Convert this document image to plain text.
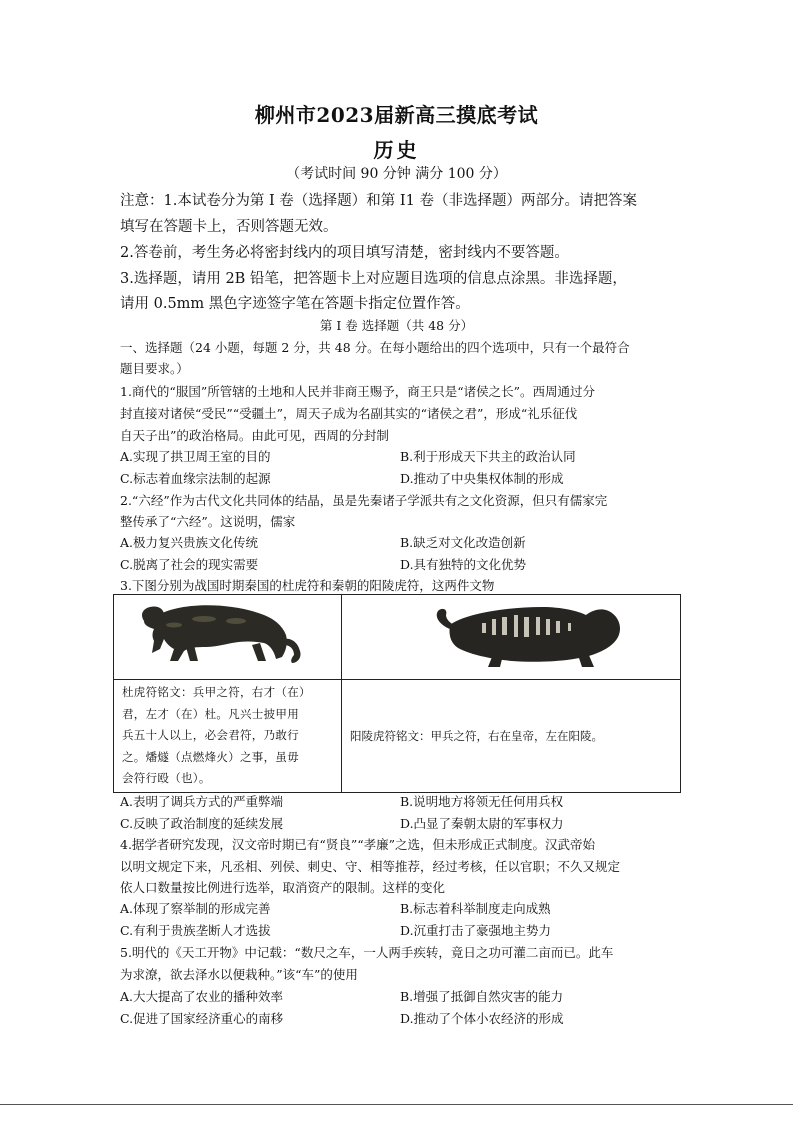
柳州市2023届新高三摸底考试
历史
（考试时间 90 分钟 满分 100 分）
注意：1.本试卷分为第 I 卷（选择题）和第 I1 卷（非选择题）两部分。请把答案
填写在答题卡上，否则答题无效。
2.答卷前，考生务必将密封线内的项目填写清楚，密封线内不要答题。
3.选择题，请用 2B 铅笔，把答题卡上对应题目选项的信息点涂黑。非选择题，
请用 0.5mm 黑色字迹签字笔在答题卡指定位置作答。
第 I 卷 选择题（共 48 分）
一、选择题（24 小题，每题 2 分，共 48 分。在每小题给出的四个选项中，只有一个最符合
题目要求。）
1.商代的“服国”所管辖的土地和人民并非商王赐予，商王只是“诸侯之长”。西周通过分
封直接对诸侯“受民”“受疆土”，周天子成为名副其实的“诸侯之君”，形成“礼乐征伐
自天子出”的政治格局。由此可见，西周的分封制
A.实现了拱卫周王室的目的	B.利于形成天下共主的政治认同
C.标志着血缘宗法制的起源	D.推动了中央集权体制的形成
2.“六经”作为古代文化共同体的结晶，虽是先秦诸子学派共有之文化资源，但只有儒家完
整传承了“六经”。这说明，儒家
A.极力复兴贵族文化传统	B.缺乏对文化改造创新
C.脱离了社会的现实需要	D.具有独特的文化优势
3.下图分别为战国时期秦国的杜虎符和秦朝的阳陵虎符，这两件文物

杜虎符铭文：兵甲之符，右才（在）
君，左才（在）杜。凡兴士披甲用
兵五十人以上，必会君符，乃敢行
之。燔燧（点燃烽火）之事，虽毋
会符行殴（也）。	阳陵虎符铭文：甲兵之符，右在皇帝，左在阳陵。
A.表明了调兵方式的严重弊端	B.说明地方将领无任何用兵权
C.反映了政治制度的延续发展	D.凸显了秦朝太尉的军事权力
4.据学者研究发现，汉文帝时期已有“贤良”“孝廉”之选，但未形成正式制度。汉武帝始
以明文规定下来，凡丞相、列侯、刺史、守、相等推荐，经过考核，任以官职；不久又规定
依人口数量按比例进行选举，取消资产的限制。这样的变化
A.体现了察举制的形成完善	B.标志着科举制度走向成熟
C.有利于贵族垄断人才选拔	D.沉重打击了豪强地主势力
5.明代的《天工开物》中记载：“数尺之车，一人两手疾转，竟日之功可灌二亩而已。此车
为求潦，欲去泽水以便栽种。”该“车”的使用
A.大大提高了农业的播种效率	B.增强了抵御自然灾害的能力
C.促进了国家经济重心的南移	D.推动了个体小农经济的形成
